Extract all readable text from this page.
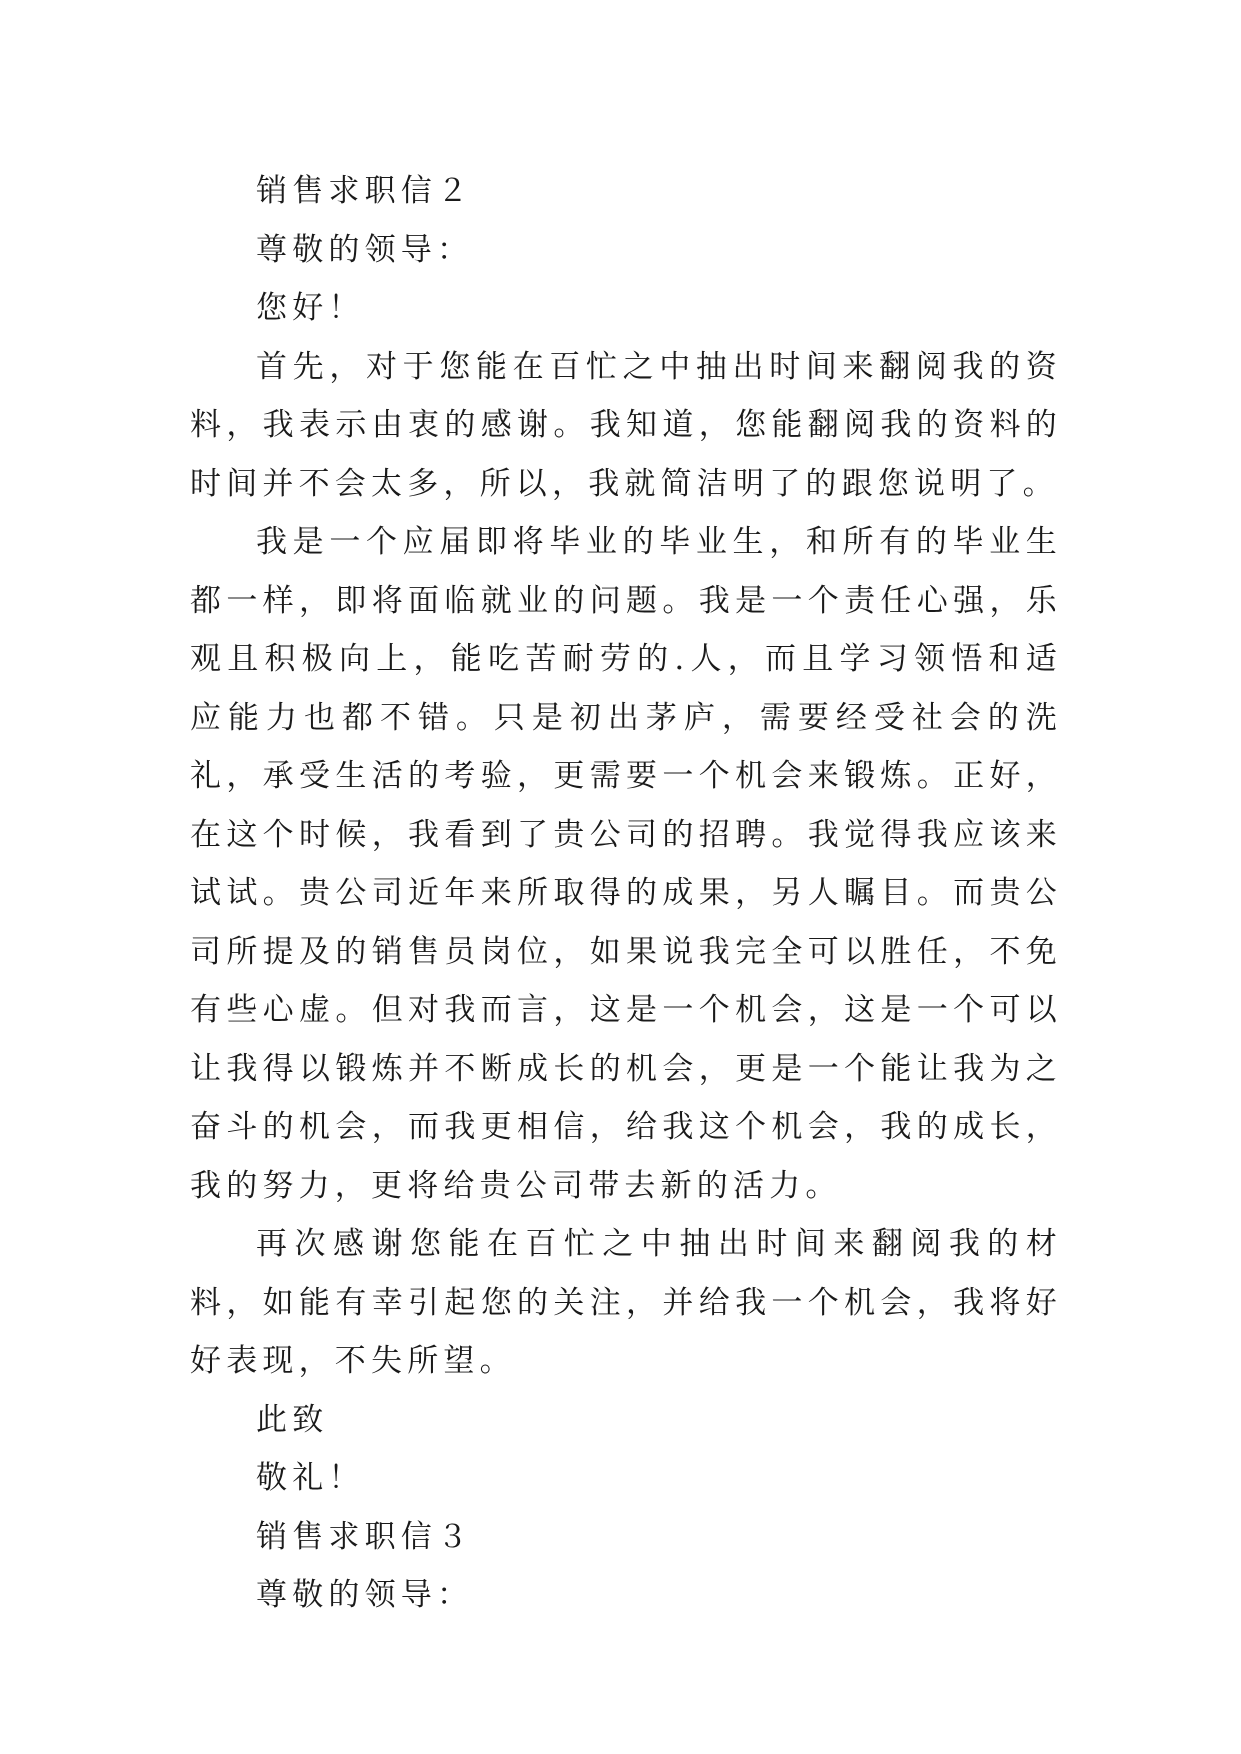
销售求职信２
尊敬的领导：
您好！
首先，对于您能在百忙之中抽出时间来翻阅我的资料，我表示由衷的感谢。我知道，您能翻阅我的资料的时间并不会太多，所以，我就简洁明了的跟您说明了。
我是一个应届即将毕业的毕业生，和所有的毕业生都一样，即将面临就业的问题。我是一个责任心强，乐观且积极向上，能吃苦耐劳的.人，而且学习领悟和适应能力也都不错。只是初出茅庐，需要经受社会的洗礼，承受生活的考验，更需要一个机会来锻炼。正好，在这个时候，我看到了贵公司的招聘。我觉得我应该来试试。贵公司近年来所取得的成果，另人瞩目。而贵公司所提及的销售员岗位，如果说我完全可以胜任，不免有些心虚。但对我而言，这是一个机会，这是一个可以让我得以锻炼并不断成长的机会，更是一个能让我为之奋斗的机会，而我更相信，给我这个机会，我的成长，我的努力，更将给贵公司带去新的活力。
再次感谢您能在百忙之中抽出时间来翻阅我的材料，如能有幸引起您的关注，并给我一个机会，我将好好表现，不失所望。
此致
敬礼！
销售求职信３
尊敬的领导：
